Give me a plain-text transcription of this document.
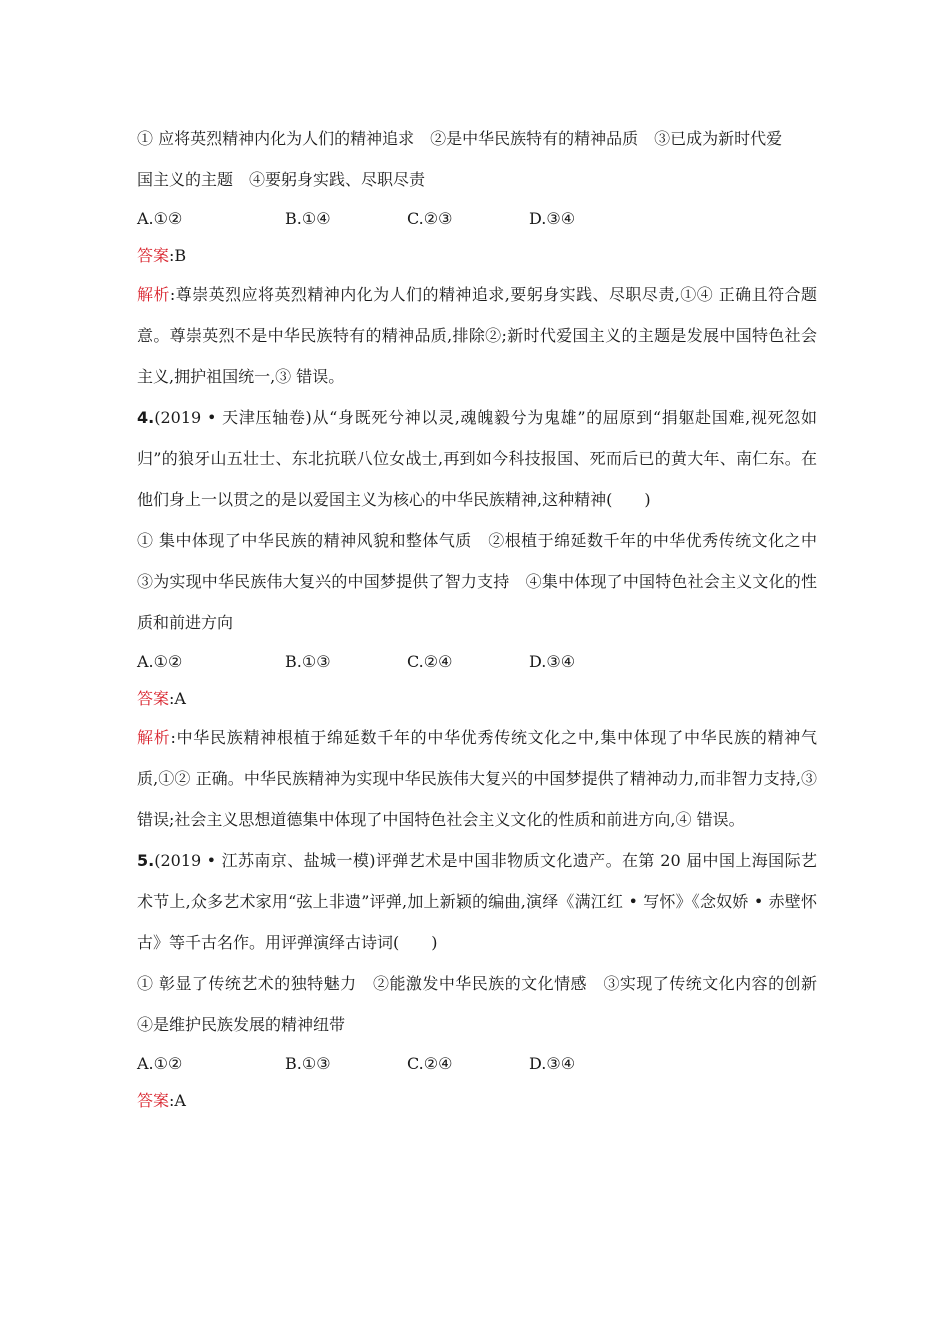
① 应将英烈精神内化为人们的精神追求　②是中华民族特有的精神品质　③已成为新时代爱
国主义的主题　④要躬身实践、尽职尽责
A.①②	B.①④	C.②③	D.③④
答案:B
解析:尊崇英烈应将英烈精神内化为人们的精神追求,要躬身实践、尽职尽责,①④ 正确且符合题意。尊崇英烈不是中华民族特有的精神品质,排除②;新时代爱国主义的主题是发展中国特色社会主义,拥护祖国统一,③ 错误。
4.(2019 • 天津压轴卷)从“身既死兮神以灵,魂魄毅兮为鬼雄”的屈原到“捐躯赴国难,视死忽如归”的狼牙山五壮士、东北抗联八位女战士,再到如今科技报国、死而后已的黄大年、南仁东。在他们身上一以贯之的是以爱国主义为核心的中华民族精神,这种精神(　　)
① 集中体现了中华民族的精神风貌和整体气质　②根植于绵延数千年的中华优秀传统文化之中　③为实现中华民族伟大复兴的中国梦提供了智力支持　④集中体现了中国特色社会主义文化的性质和前进方向
A.①②	B.①③	C.②④	D.③④
答案:A
解析:中华民族精神根植于绵延数千年的中华优秀传统文化之中,集中体现了中华民族的精神气质,①② 正确。中华民族精神为实现中华民族伟大复兴的中国梦提供了精神动力,而非智力支持,③ 错误;社会主义思想道德集中体现了中国特色社会主义文化的性质和前进方向,④ 错误。
5.(2019 • 江苏南京、盐城一模)评弹艺术是中国非物质文化遗产。在第 20 届中国上海国际艺术节上,众多艺术家用“弦上非遗”评弹,加上新颖的编曲,演绎《满江红 • 写怀》《念奴娇 • 赤壁怀古》等千古名作。用评弹演绎古诗词(　　)
① 彰显了传统艺术的独特魅力　②能激发中华民族的文化情感　③实现了传统文化内容的创新　④是维护民族发展的精神纽带
A.①②	B.①③	C.②④	D.③④
答案:A
